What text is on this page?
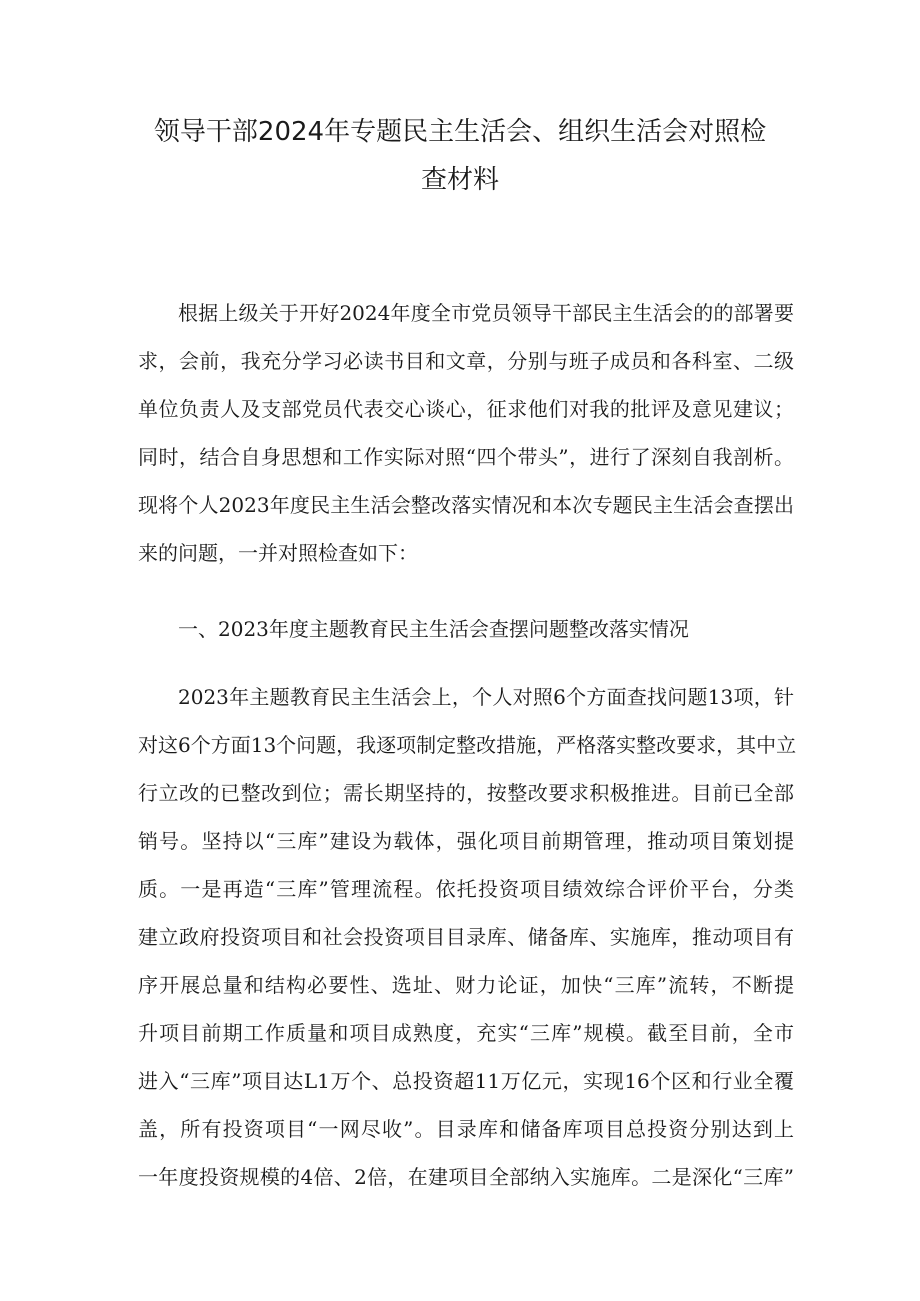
领导干部2024年专题民主生活会、组织生活会对照检
查材料
根据上级关于开好2024年度全市党员领导干部民主生活会的的部署要
求，会前，我充分学习必读书目和文章，分别与班子成员和各科室、二级
单位负责人及支部党员代表交心谈心，征求他们对我的批评及意见建议；
同时，结合自身思想和工作实际对照“四个带头”，进行了深刻自我剖析。
现将个人2023年度民主生活会整改落实情况和本次专题民主生活会查摆出
来的问题，一并对照检查如下：
一、2023年度主题教育民主生活会查摆问题整改落实情况
2023年主题教育民主生活会上，个人对照6个方面查找问题13项，针
对这6个方面13个问题，我逐项制定整改措施，严格落实整改要求，其中立
行立改的已整改到位；需长期坚持的，按整改要求积极推进。目前已全部
销号。坚持以“三库”建设为载体，强化项目前期管理，推动项目策划提
质。一是再造“三库”管理流程。依托投资项目绩效综合评价平台，分类
建立政府投资项目和社会投资项目目录库、储备库、实施库，推动项目有
序开展总量和结构必要性、选址、财力论证，加快“三库”流转，不断提
升项目前期工作质量和项目成熟度，充实“三库”规模。截至目前，全市
进入“三库”项目达L1万个、总投资超11万亿元，实现16个区和行业全覆
盖，所有投资项目“一网尽收”。目录库和储备库项目总投资分别达到上
一年度投资规模的4倍、2倍，在建项目全部纳入实施库。二是深化“三库”
